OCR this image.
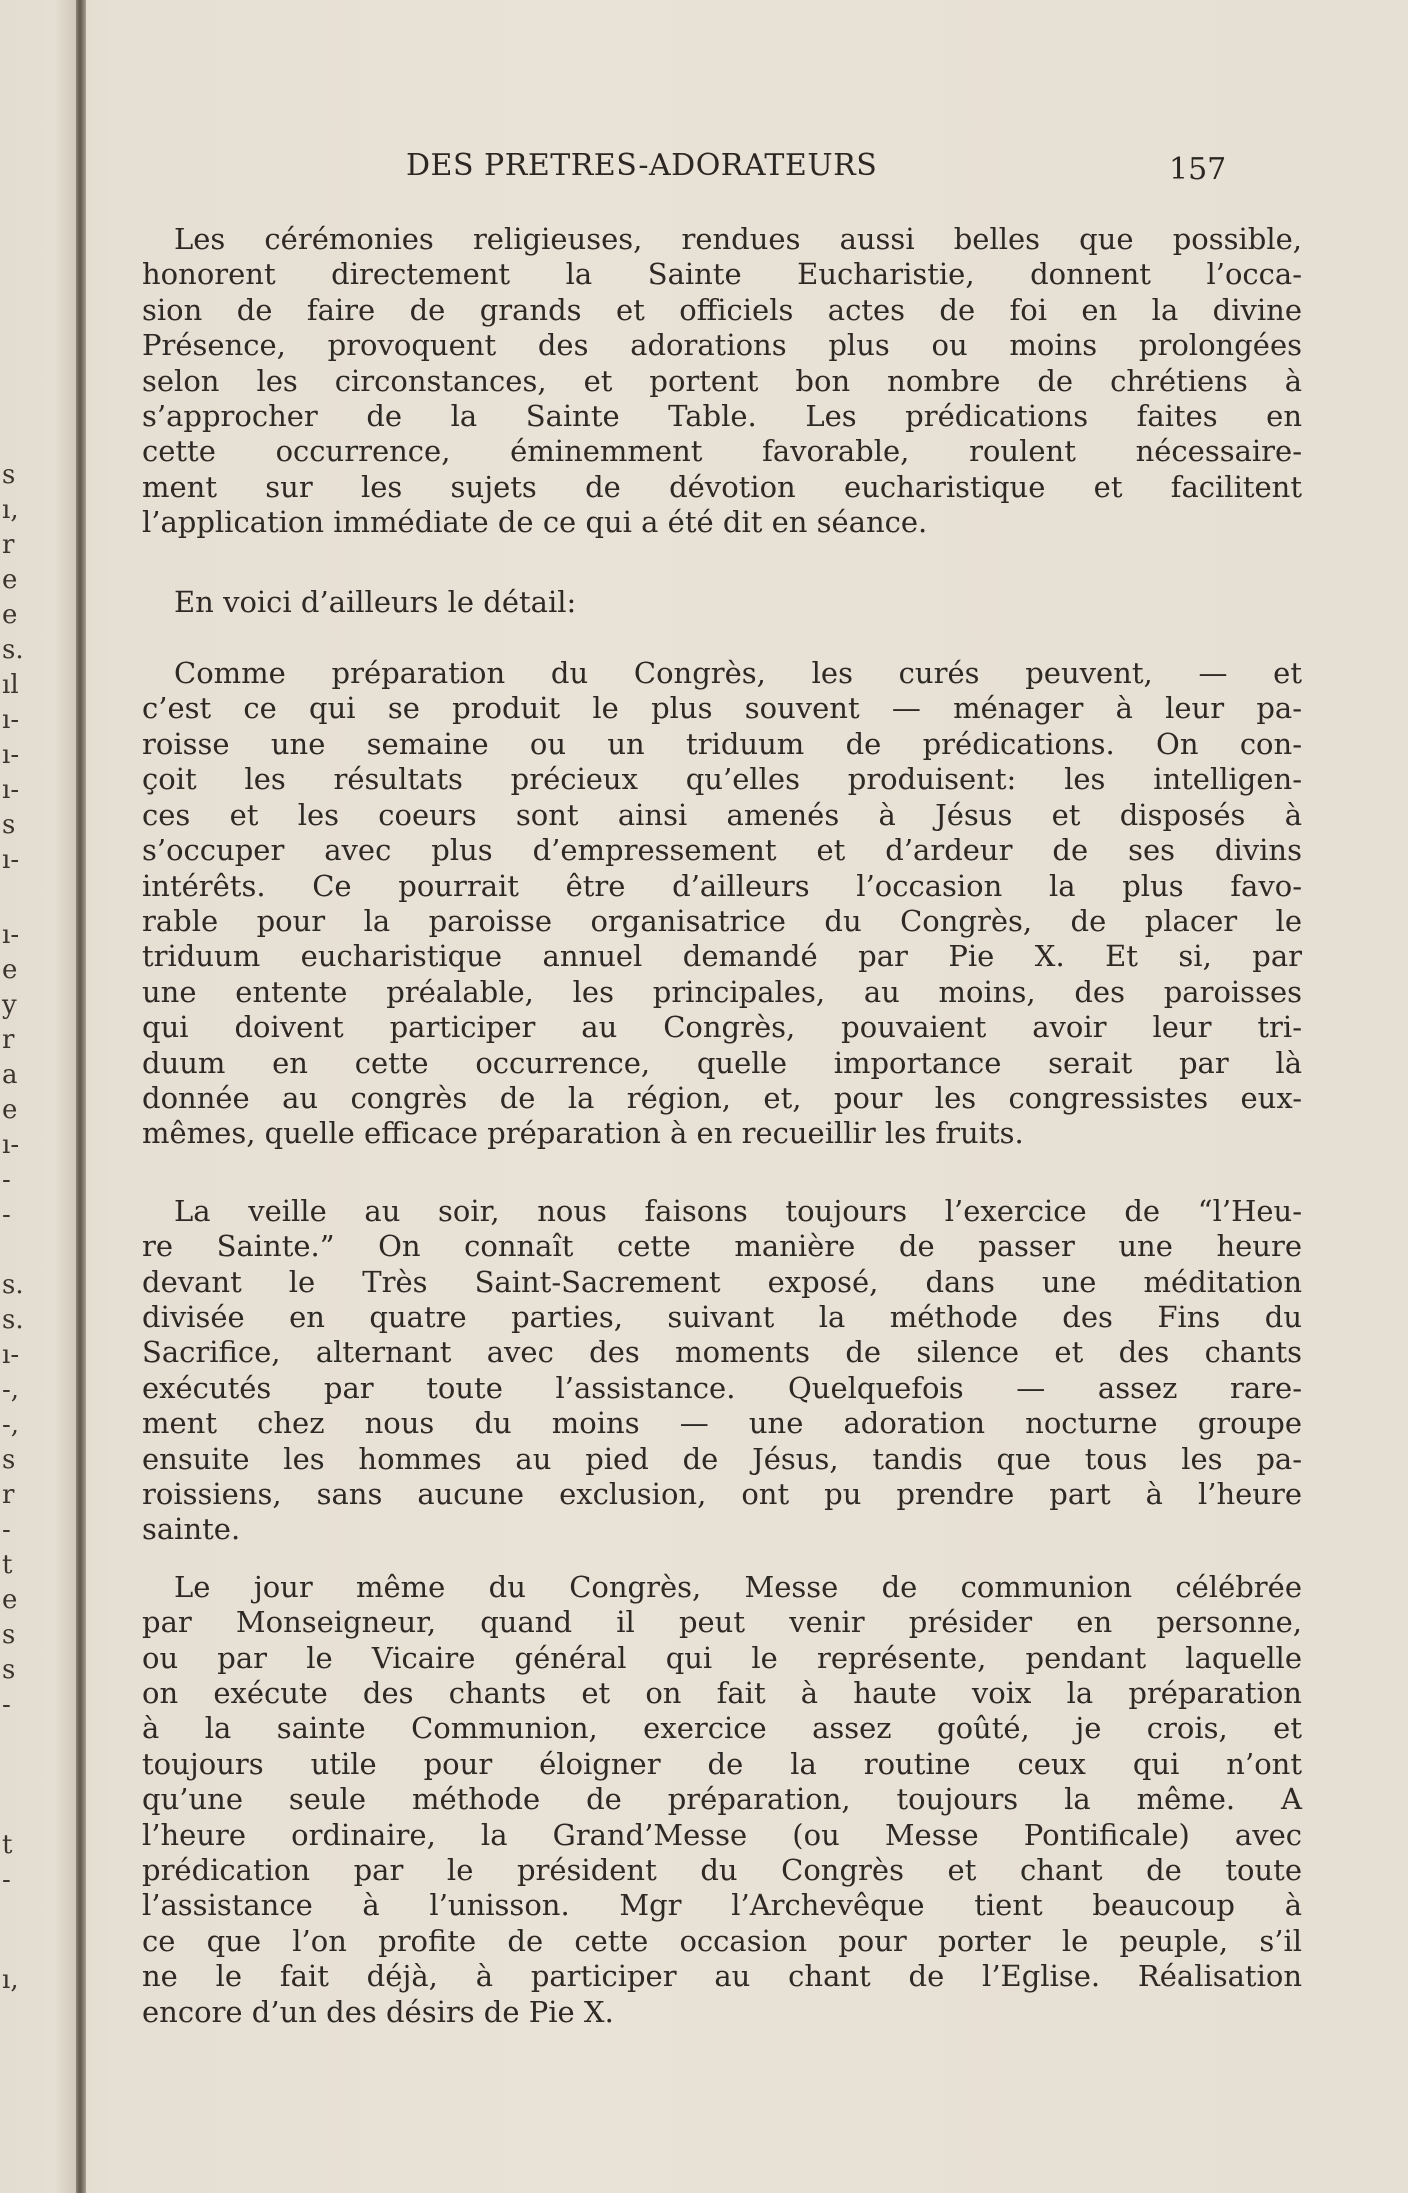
s
ı,
r
e
e
s.
ıl
ı-
ı-
ı-
s
ı-
ı-
e
y
r
a
e
ı-
-
-
s.
s.
ı-
-,
-,
s
r
-
t
e
s
s
-
t
-
ı,
DES PRETRES-ADORATEURS	157
Les cérémonies religieuses, rendues aussi belles que possible,
honorent directement la Sainte Eucharistie, donnent l’occa-
sion de faire de grands et officiels actes de foi en la divine
Présence, provoquent des adorations plus ou moins prolongées
selon les circonstances, et portent bon nombre de chrétiens à
s’approcher de la Sainte Table. Les prédications faites en
cette occurrence, éminemment favorable, roulent nécessaire-
ment sur les sujets de dévotion eucharistique et facilitent
l’application immédiate de ce qui a été dit en séance.
En voici d’ailleurs le détail:
Comme préparation du Congrès, les curés peuvent, — et
c’est ce qui se produit le plus souvent — ménager à leur pa-
roisse une semaine ou un triduum de prédications. On con-
çoit les résultats précieux qu’elles produisent: les intelligen-
ces et les coeurs sont ainsi amenés à Jésus et disposés à
s’occuper avec plus d’empressement et d’ardeur de ses divins
intérêts. Ce pourrait être d’ailleurs l’occasion la plus favo-
rable pour la paroisse organisatrice du Congrès, de placer le
triduum eucharistique annuel demandé par Pie X. Et si, par
une entente préalable, les principales, au moins, des paroisses
qui doivent participer au Congrès, pouvaient avoir leur tri-
duum en cette occurrence, quelle importance serait par là
donnée au congrès de la région, et, pour les congressistes eux-
mêmes, quelle efficace préparation à en recueillir les fruits.
La veille au soir, nous faisons toujours l’exercice de “l’Heu-
re Sainte.” On connaît cette manière de passer une heure
devant le Très Saint-Sacrement exposé, dans une méditation
divisée en quatre parties, suivant la méthode des Fins du
Sacrifice, alternant avec des moments de silence et des chants
exécutés par toute l’assistance. Quelquefois — assez rare-
ment chez nous du moins — une adoration nocturne groupe
ensuite les hommes au pied de Jésus, tandis que tous les pa-
roissiens, sans aucune exclusion, ont pu prendre part à l’heure
sainte.
Le jour même du Congrès, Messe de communion célébrée
par Monseigneur, quand il peut venir présider en personne,
ou par le Vicaire général qui le représente, pendant laquelle
on exécute des chants et on fait à haute voix la préparation
à la sainte Communion, exercice assez goûté, je crois, et
toujours utile pour éloigner de la routine ceux qui n’ont
qu’une seule méthode de préparation, toujours la même. A
l’heure ordinaire, la Grand’Messe (ou Messe Pontificale) avec
prédication par le président du Congrès et chant de toute
l’assistance à l’unisson. Mgr l’Archevêque tient beaucoup à
ce que l’on profite de cette occasion pour porter le peuple, s’il
ne le fait déjà, à participer au chant de l’Eglise. Réalisation
encore d’un des désirs de Pie X.
